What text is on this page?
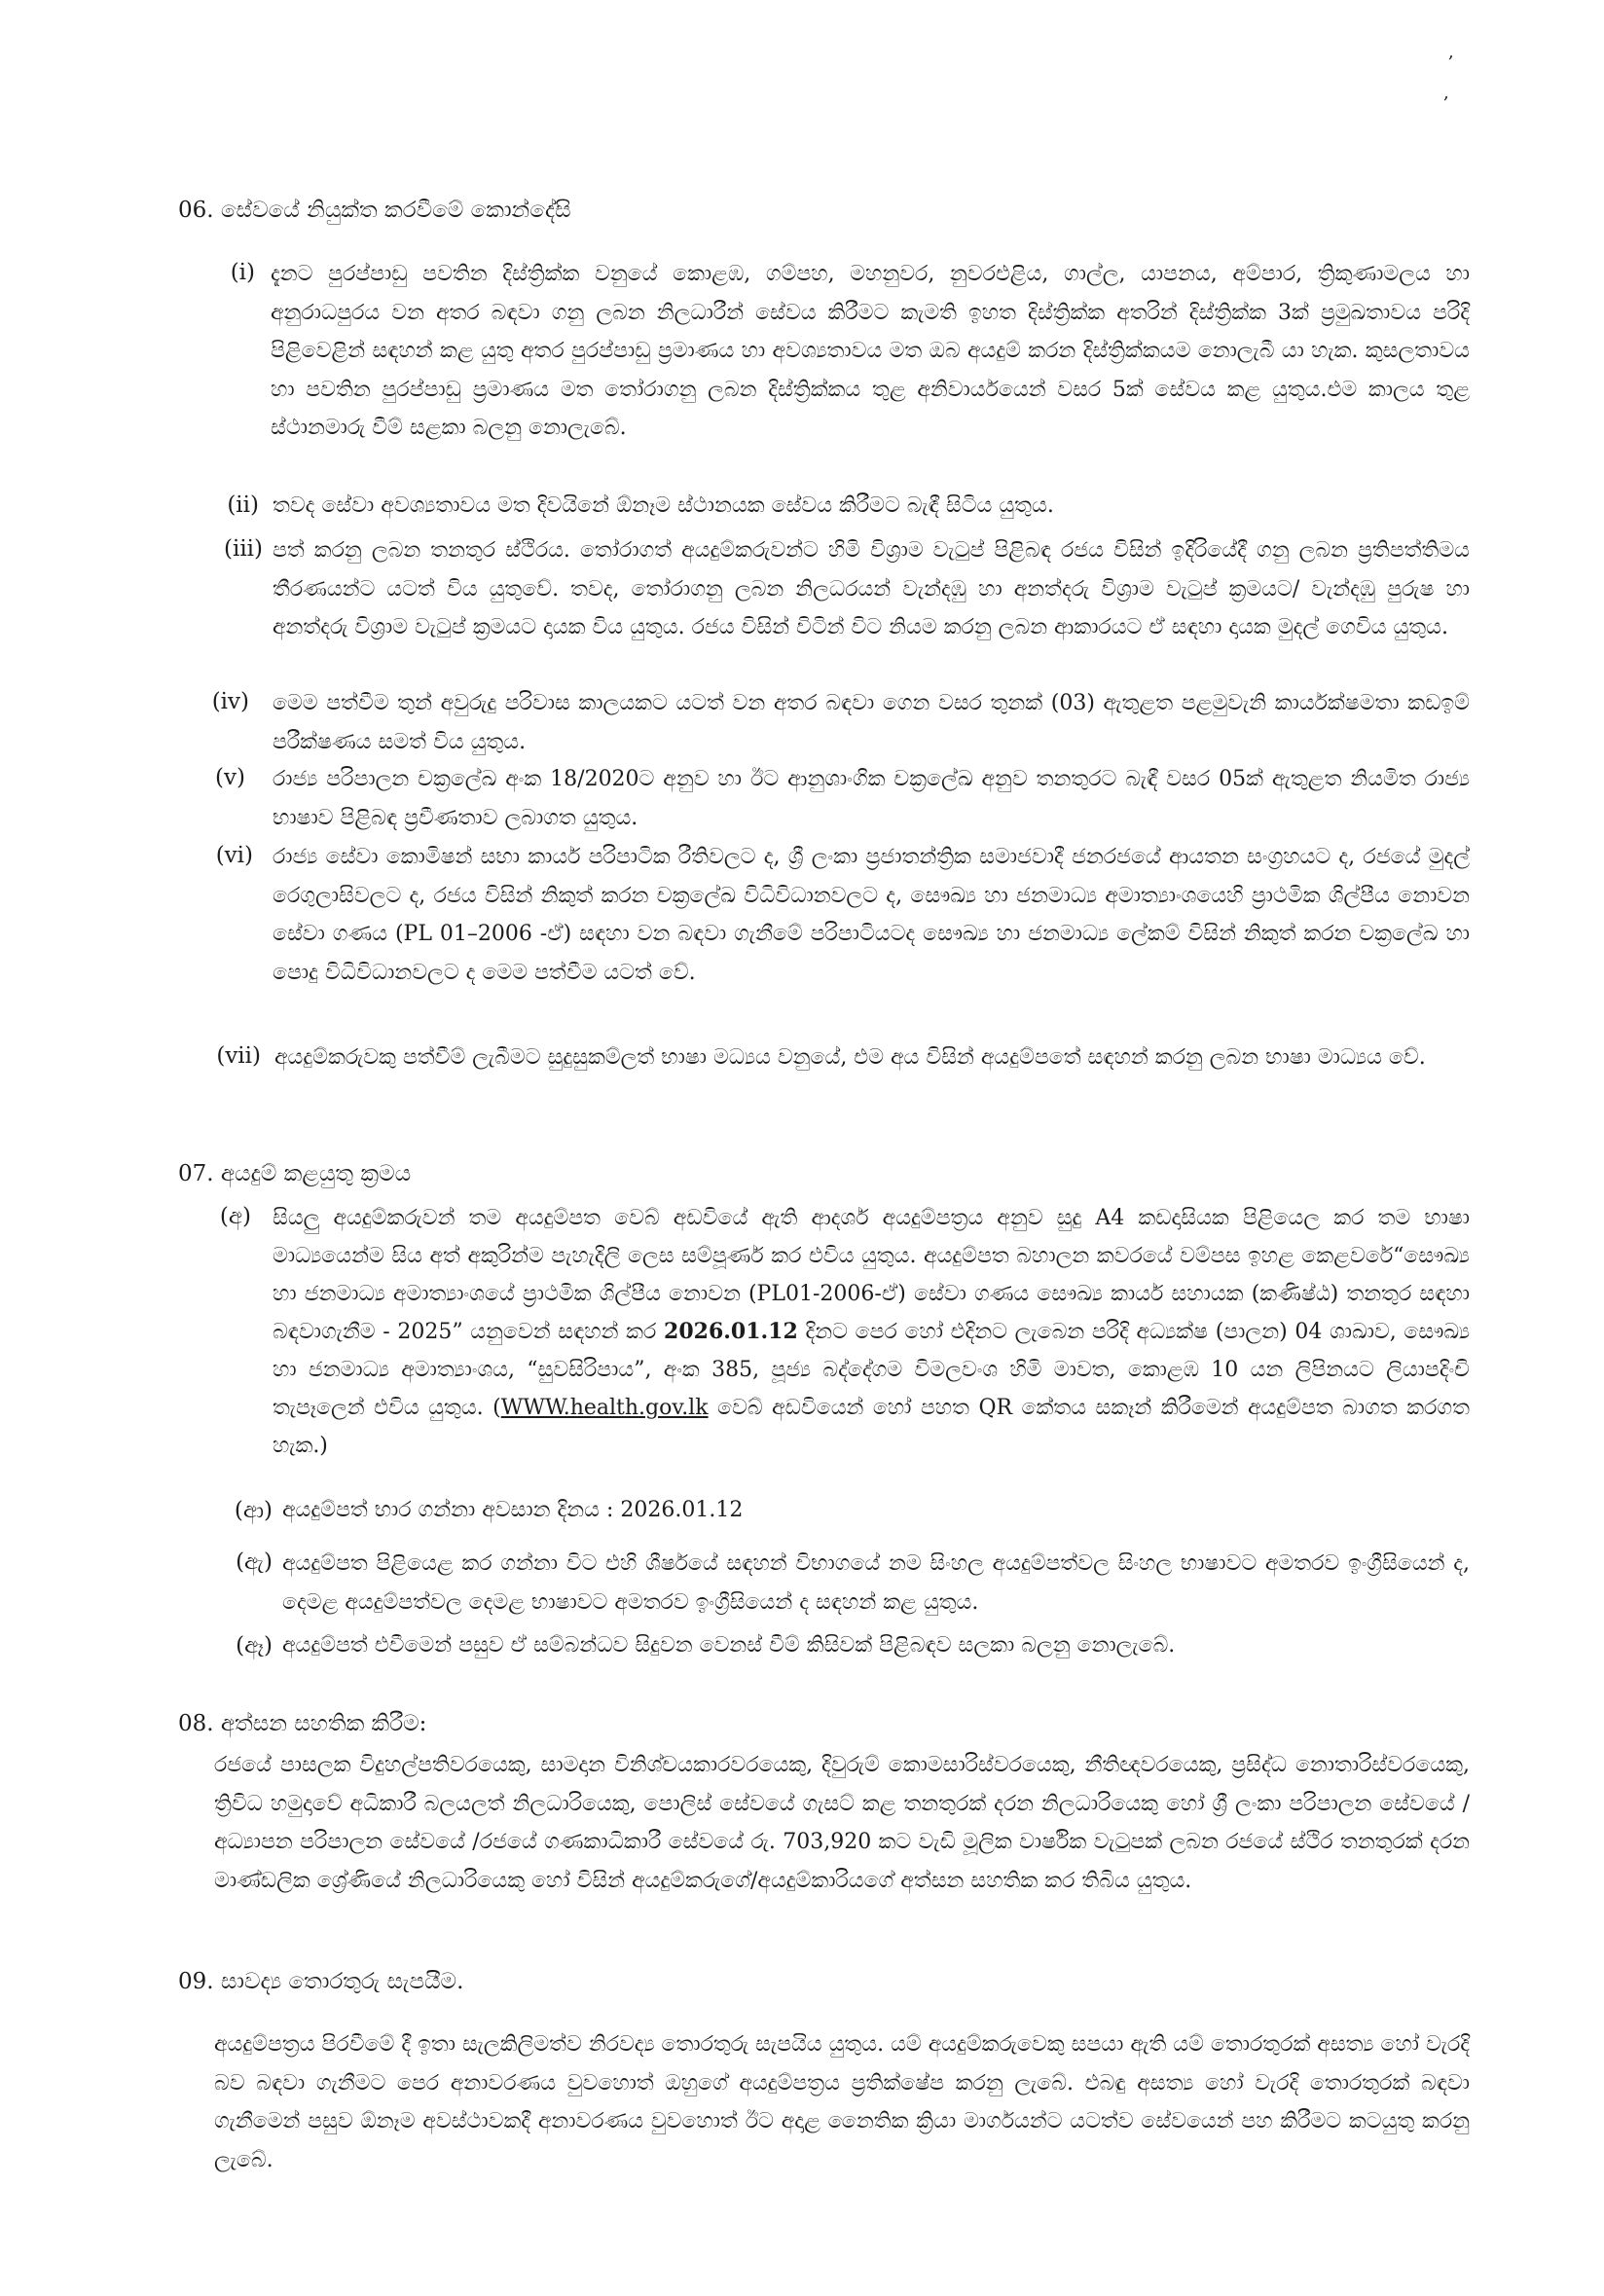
,
,
06. සේවයේ නියුක්ත කරවීමේ කොන්දේසි
(i) දැනට පුරප්පාඩු පවතින දිස්ත්‍රික්ක වනුයේ කොළඹ, ගම්පහ, මහනුවර, නුවරඑළිය, ගාල්ල, යාපනය, අම්පාර, ත්‍රිකුණාමලය හා අනුරාධපුරය වන අතර බඳවා ගනු ලබන නිලධාරීන් සේවය කිරීමට කැමති ඉහත දිස්ත්‍රික්ක අතරින් දිස්ත්‍රික්ක 3ක් ප්‍රමුඛතාවය පරිදි පිළිවෙළින් සඳහන් කළ යුතු අතර පුරප්පාඩු ප්‍රමාණය හා අවශ්‍යතාවය මත ඔබ අයදුම් කරන දිස්ත්‍රික්කයම නොලැබී යා හැක. කුසලතාවය හා පවතින පුරප්පාඩු ප්‍රමාණය මත තෝරාගනු ලබන දිස්ත්‍රික්කය තුළ අනිවාර්යයෙන් වසර 5ක් සේවය කළ යුතුය.එම කාලය තුළ ස්ථානමාරු වීම් සළකා බලනු නොලැබේ.
(ii) තවද සේවා අවශ්‍යතාවය මත දිවයිනේ ඕනෑම ස්ථානයක සේවය කිරීමට බැඳී සිටිය යුතුය.
(iii) පත් කරනු ලබන තනතුර ස්ථිරය. තෝරාගත් අයදුම්කරුවන්ට හිමි විශ්‍රාම වැටුප් පිළිබඳ රජය විසින් ඉදිරියේදී ගනු ලබන ප්‍රතිපත්තිමය තීරණයන්ට යටත් විය යුතුවේ. තවද, තෝරාගනු ලබන නිලධරයන් වැන්දඹු හා අනත්දරු විශ්‍රාම වැටුප් ක්‍රමයට/ වැන්දඹු පුරුෂ හා අනත්දරු විශ්‍රාම වැටුප් ක්‍රමයට දායක විය යුතුය. රජය විසින් විටින් විට නියම කරනු ලබන ආකාරයට ඒ සඳහා දායක මුදල් ගෙවිය යුතුය.
(iv) මෙම පත්වීම තුන් අවුරුදු පරිවාස කාලයකට යටත් වන අතර බඳවා ගෙන වසර තුනක් (03) ඇතුළත පළමුවැනි කාර්යක්ෂමතා කඩඉම් පරීක්ෂණය සමත් විය යුතුය.
(v) රාජ්‍ය පරිපාලන චක්‍රලේඛ අංක 18/2020ට අනුව හා ඊට ආනුශාංගික චක්‍රලේඛ අනුව තනතුරට බැඳී වසර 05ක් ඇතුළත නියමිත රාජ්‍ය භාෂාව පිළිබඳ ප්‍රවීණතාව ලබාගත යුතුය.
(vi) රාජ්‍ය සේවා කොමිෂන් සභා කාර්ය පරිපාටික රීතිවලට ද, ශ්‍රී ලංකා ප්‍රජාතන්ත්‍රික සමාජවාදී ජනරජයේ ආයතන සංග්‍රහයට ද, රජයේ මුදල් රෙගුලාසිවලට ද, රජය විසින් නිකුත් කරන චක්‍රලේඛ විධිවිධානවලට ද, සෞඛ්‍ය හා ජනමාධ්‍ය අමාත්‍යාංශයෙහි ප්‍රාථමික ශිල්පීය නොවන සේවා ගණය (PL 01–2006 -ඒ) සඳහා වන බඳවා ගැනීමේ පරිපාටියටද සෞඛ්‍ය හා ජනමාධ්‍ය ලේකම් විසින් නිකුත් කරන චක්‍රලේඛ හා පොදු විධිවිධානවලට ද මෙම පත්වීම යටත් වේ.
(vii) අයදුම්කරුවකු පත්වීම් ලැබීමට සුදුසුකම්ලත් භාෂා මධ්‍යය වනුයේ, එම අය විසින් අයදුම්පතේ සඳහන් කරනු ලබන භාෂා මාධ්‍යය වේ.
07. අයදුම් කළයුතු ක්‍රමය
(අ) සියලු අයදුම්කරුවන් තම අයදුම්පත වෙබ් අඩවියේ ඇති ආදර්ශ අයදුම්පත්‍රය අනුව සුදු A4 කඩදාසියක පිළියෙල කර තම භාෂා මාධ්‍යයෙන්ම සිය අත් අකුරින්ම පැහැදිලි ලෙස සම්පූර්ණ කර එවිය යුතුය. අයදුම්පත බහාලන කවරයේ වම්පස ඉහළ කෙළවරේ“සෞඛ්‍ය හා ජනමාධ්‍ය අමාත්‍යාංශයේ ප්‍රාථමික ශිල්පීය නොවන (PL01-2006-ඒ) සේවා ගණය සෞඛ්‍ය කාර්ය සහායක (කණිෂ්ඨ) තනතුර සඳහා බඳවාගැනීම - 2025” යනුවෙන් සඳහන් කර 2026.01.12 දිනට පෙර හෝ එදිනට ලැබෙන පරිදි අධ්‍යක්ෂ (පාලන) 04 ශාඛාව, සෞඛ්‍ය හා ජනමාධ්‍ය අමාත්‍යාංශය, “සුවසිරිපාය”, අංක 385, පූජ්‍ය බද්දේගම විමලවංශ හිමි මාවත, කොළඹ 10 යන ලිපිනයට ලියාපදිංචි තැපෑලෙන් එවිය යුතුය. (WWW.health.gov.lk වෙබ් අඩවියෙන් හෝ පහත QR කේතය සකෑන් කිරීමෙන් අයදුම්පත බාගත කරගත හැක.)
(ආ) අයදුම්පත් භාර ගන්නා අවසාන දිනය : 2026.01.12
(ඇ) අයදුම්පත පිළියෙළ කර ගන්නා විට එහි ශීර්ෂයේ සඳහන් විභාගයේ නම සිංහල අයදුම්පත්වල සිංහල භාෂාවට අමතරව ඉංග්‍රීසියෙන් ද, දෙමළ අයදුම්පත්වල දෙමළ භාෂාවට අමතරව ඉංග්‍රීසියෙන් ද සඳහන් කළ යුතුය.
(ඈ) අයදුම්පත් එවීමෙන් පසුව ඒ සම්බන්ධව සිදුවන වෙනස් වීම් කිසිවක් පිළිබඳව සලකා බලනු නොලැබේ.
08. අත්සන සහතික කිරීම:
රජයේ පාසලක විදුහල්පතිවරයෙකු, සාමදාන විනිශ්චයකාරවරයෙකු, දිවුරුම් කොමසාරිස්වරයෙකු, නීතිඥවරයෙකු, ප්‍රසිද්ධ නොතාරිස්වරයෙකු, ත්‍රිවිධ හමුදාවේ අධිකාරී බලයලත් නිලධාරියෙකු, පොලිස් සේවයේ ගැසට් කළ තනතුරක් දරන නිලධාරියෙකු හෝ ශ්‍රී ලංකා පරිපාලන සේවයේ /අධ්‍යාපන පරිපාලන සේවයේ /රජයේ ගණකාධිකාරී සේවයේ රු. 703,920 කට වැඩි මූලික වාර්ෂික වැටුපක් ලබන රජයේ ස්ථිර තනතුරක් දරන මාණ්ඩලික ශ්‍රේණියේ නිලධාරියෙකු හෝ විසින් අයදුම්කරුගේ/අයදුම්කාරියගේ අත්සන සහතික කර තිබිය යුතුය.
09. සාවද්‍ය තොරතුරු සැපයීම.
අයදුම්පත්‍රය පිරවීමේ දී ඉතා සැලකිලිමත්ව නිරවද්‍ය තොරතුරු සැපයිය යුතුය. යම් අයදුම්කරුවෙකු සපයා ඇති යම් තොරතුරක් අසත්‍ය හෝ වැරදි බව බඳවා ගැනීමට පෙර අනාවරණය වුවහොත් ඔහුගේ අයදුම්පත්‍රය ප්‍රතික්ෂේප කරනු ලැබේ. එබඳු අසත්‍ය හෝ වැරදි තොරතුරක් බඳවා ගැනීමෙන් පසුව ඕනෑම අවස්ථාවකදී අනාවරණය වුවහොත් ඊට අදාළ නෛතික ක්‍රියා මාර්ගයන්ට යටත්ව සේවයෙන් පහ කිරීමට කටයුතු කරනු ලැබේ.
